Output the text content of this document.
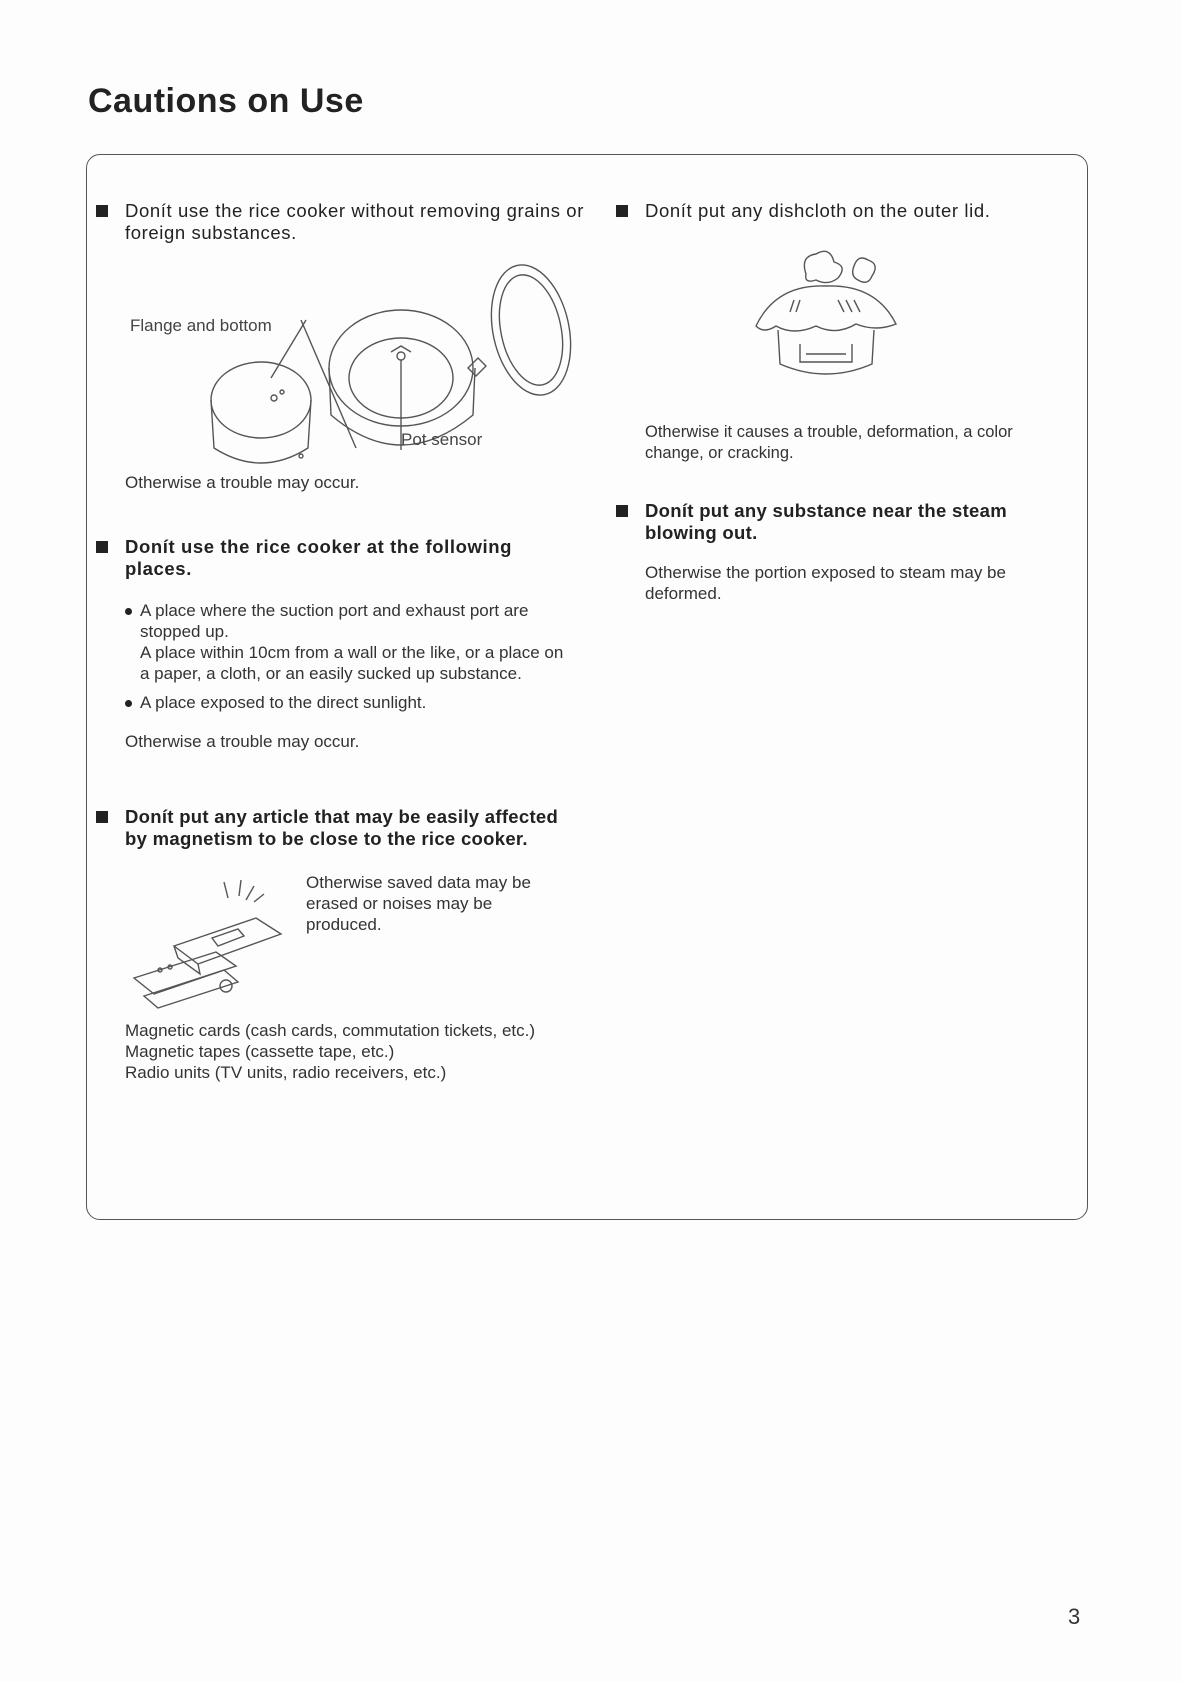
Cautions on Use

Donít use the rice cooker without removing grains or foreign substances.

Flange and bottom
Pot sensor

Otherwise a trouble may occur.

Donít use the rice cooker at the following places.

A place where the suction port and exhaust port are stopped up.
A place within 10cm from a wall or the like, or a place on a paper, a cloth, or an easily sucked up substance.
A place exposed to the direct sunlight.

Otherwise a trouble may occur.

Donít put any article that may be easily affected by magnetism to be close to the rice cooker.

Otherwise saved data may be erased or noises may be produced.

Magnetic cards (cash cards, commutation tickets, etc.)

Magnetic tapes (cassette tape, etc.)

Radio units (TV units, radio receivers, etc.)

Donít put any dishcloth on the outer lid.

Otherwise it causes a trouble, deformation, a color change, or cracking.

Donít put any substance near the steam blowing out.

Otherwise the portion exposed to steam may be deformed.

3
